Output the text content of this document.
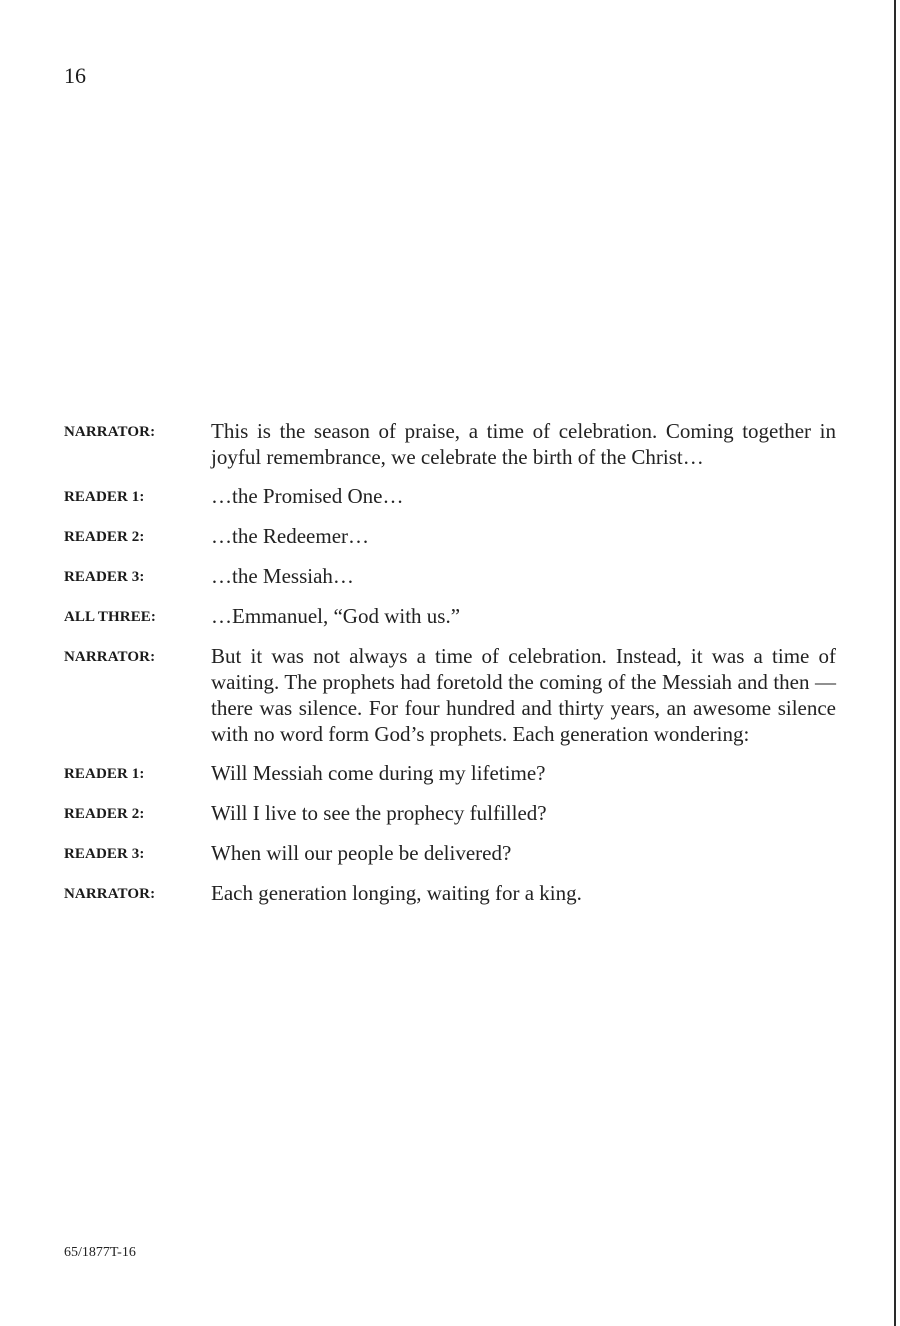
16
NARRATOR:	This is the season of praise, a time of celebration. Coming together in joyful remembrance, we celebrate the birth of the Christ…
READER 1:	…the Promised One…
READER 2:	…the Redeemer…
READER 3:	…the Messiah…
ALL THREE:	…Emmanuel, “God with us.”
NARRATOR:	But it was not always a time of celebration. Instead, it was a time of waiting. The prophets had foretold the coming of the Messiah and then — there was silence. For four hundred and thirty years, an awesome silence with no word form God’s prophets. Each generation wondering:
READER 1:	Will Messiah come during my lifetime?
READER 2:	Will I live to see the prophecy fulfilled?
READER 3:	When will our people be delivered?
NARRATOR:	Each generation longing, waiting for a king.
65/1877T-16
